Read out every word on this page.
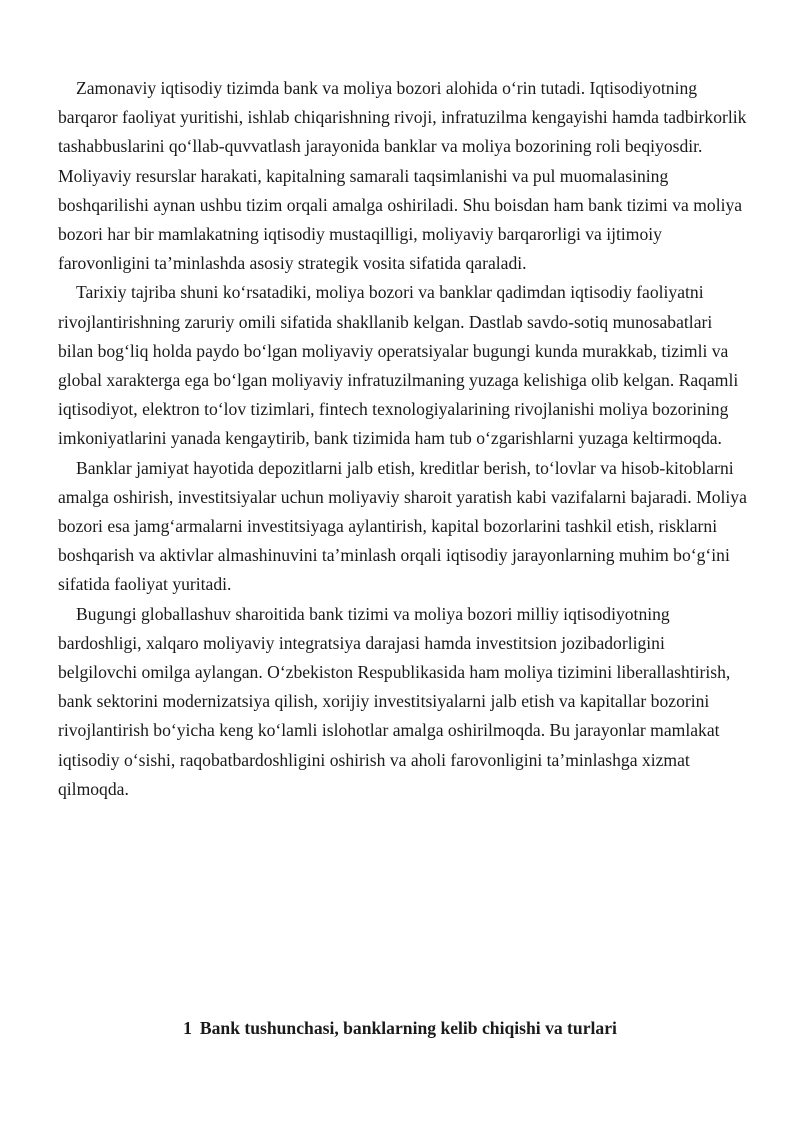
Zamonaviy iqtisodiy tizimda bank va moliya bozori alohida oʻrin tutadi. Iqtisodiyotning barqaror faoliyat yuritishi, ishlab chiqarishning rivoji, infratuzilma kengayishi hamda tadbirkorlik tashabbuslarini qoʻllab-quvvatlash jarayonida banklar va moliya bozorining roli beqiyosdir. Moliyaviy resurslar harakati, kapitalning samarali taqsimlanishi va pul muomalasining boshqarilishi aynan ushbu tizim orqali amalga oshiriladi. Shu boisdan ham bank tizimi va moliya bozori har bir mamlakatning iqtisodiy mustaqilligi, moliyaviy barqarorligi va ijtimoiy farovonligini taʼminlashda asosiy strategik vosita sifatida qaraladi.

Tarixiy tajriba shuni koʻrsatadiki, moliya bozori va banklar qadimdan iqtisodiy faoliyatni rivojlantirishning zaruriy omili sifatida shakllanib kelgan. Dastlab savdo-sotiq munosabatlari bilan bogʻliq holda paydo boʻlgan moliyaviy operatsiyalar bugungi kunda murakkab, tizimli va global xarakterga ega boʻlgan moliyaviy infratuzilmaning yuzaga kelishiga olib kelgan. Raqamli iqtisodiyot, elektron toʻlov tizimlari, fintech texnologiyalarining rivojlanishi moliya bozorining imkoniyatlarini yanada kengaytirib, bank tizimida ham tub oʻzgarishlarni yuzaga keltirmoqda.

Banklar jamiyat hayotida depozitlarni jalb etish, kreditlar berish, toʻlovlar va hisob-kitoblarni amalga oshirish, investitsiyalar uchun moliyaviy sharoit yaratish kabi vazifalarni bajaradi. Moliya bozori esa jamgʻarmalarni investitsiyaga aylantirish, kapital bozorlarini tashkil etish, risklarni boshqarish va aktivlar almashinuvini taʼminlash orqali iqtisodiy jarayonlarning muhim boʻgʻini sifatida faoliyat yuritadi.

Bugungi globallashuv sharoitida bank tizimi va moliya bozori milliy iqtisodiyotning bardoshligi, xalqaro moliyaviy integratsiya darajasi hamda investitsion jozibadorligini belgilovchi omilga aylangan. Oʻzbekiston Respublikasida ham moliya tizimini liberallashtirish, bank sektorini modernizatsiya qilish, xorijiy investitsiyalarni jalb etish va kapitallar bozorini rivojlantirish boʻyicha keng koʻlamli islohotlar amalga oshirilmoqda. Bu jarayonlar mamlakat iqtisodiy oʻsishi, raqobatbardoshligini oshirish va aholi farovonligini taʼminlashga xizmat qilmoqda.

1 Bank tushunchasi, banklarning kelib chiqishi va turlari
